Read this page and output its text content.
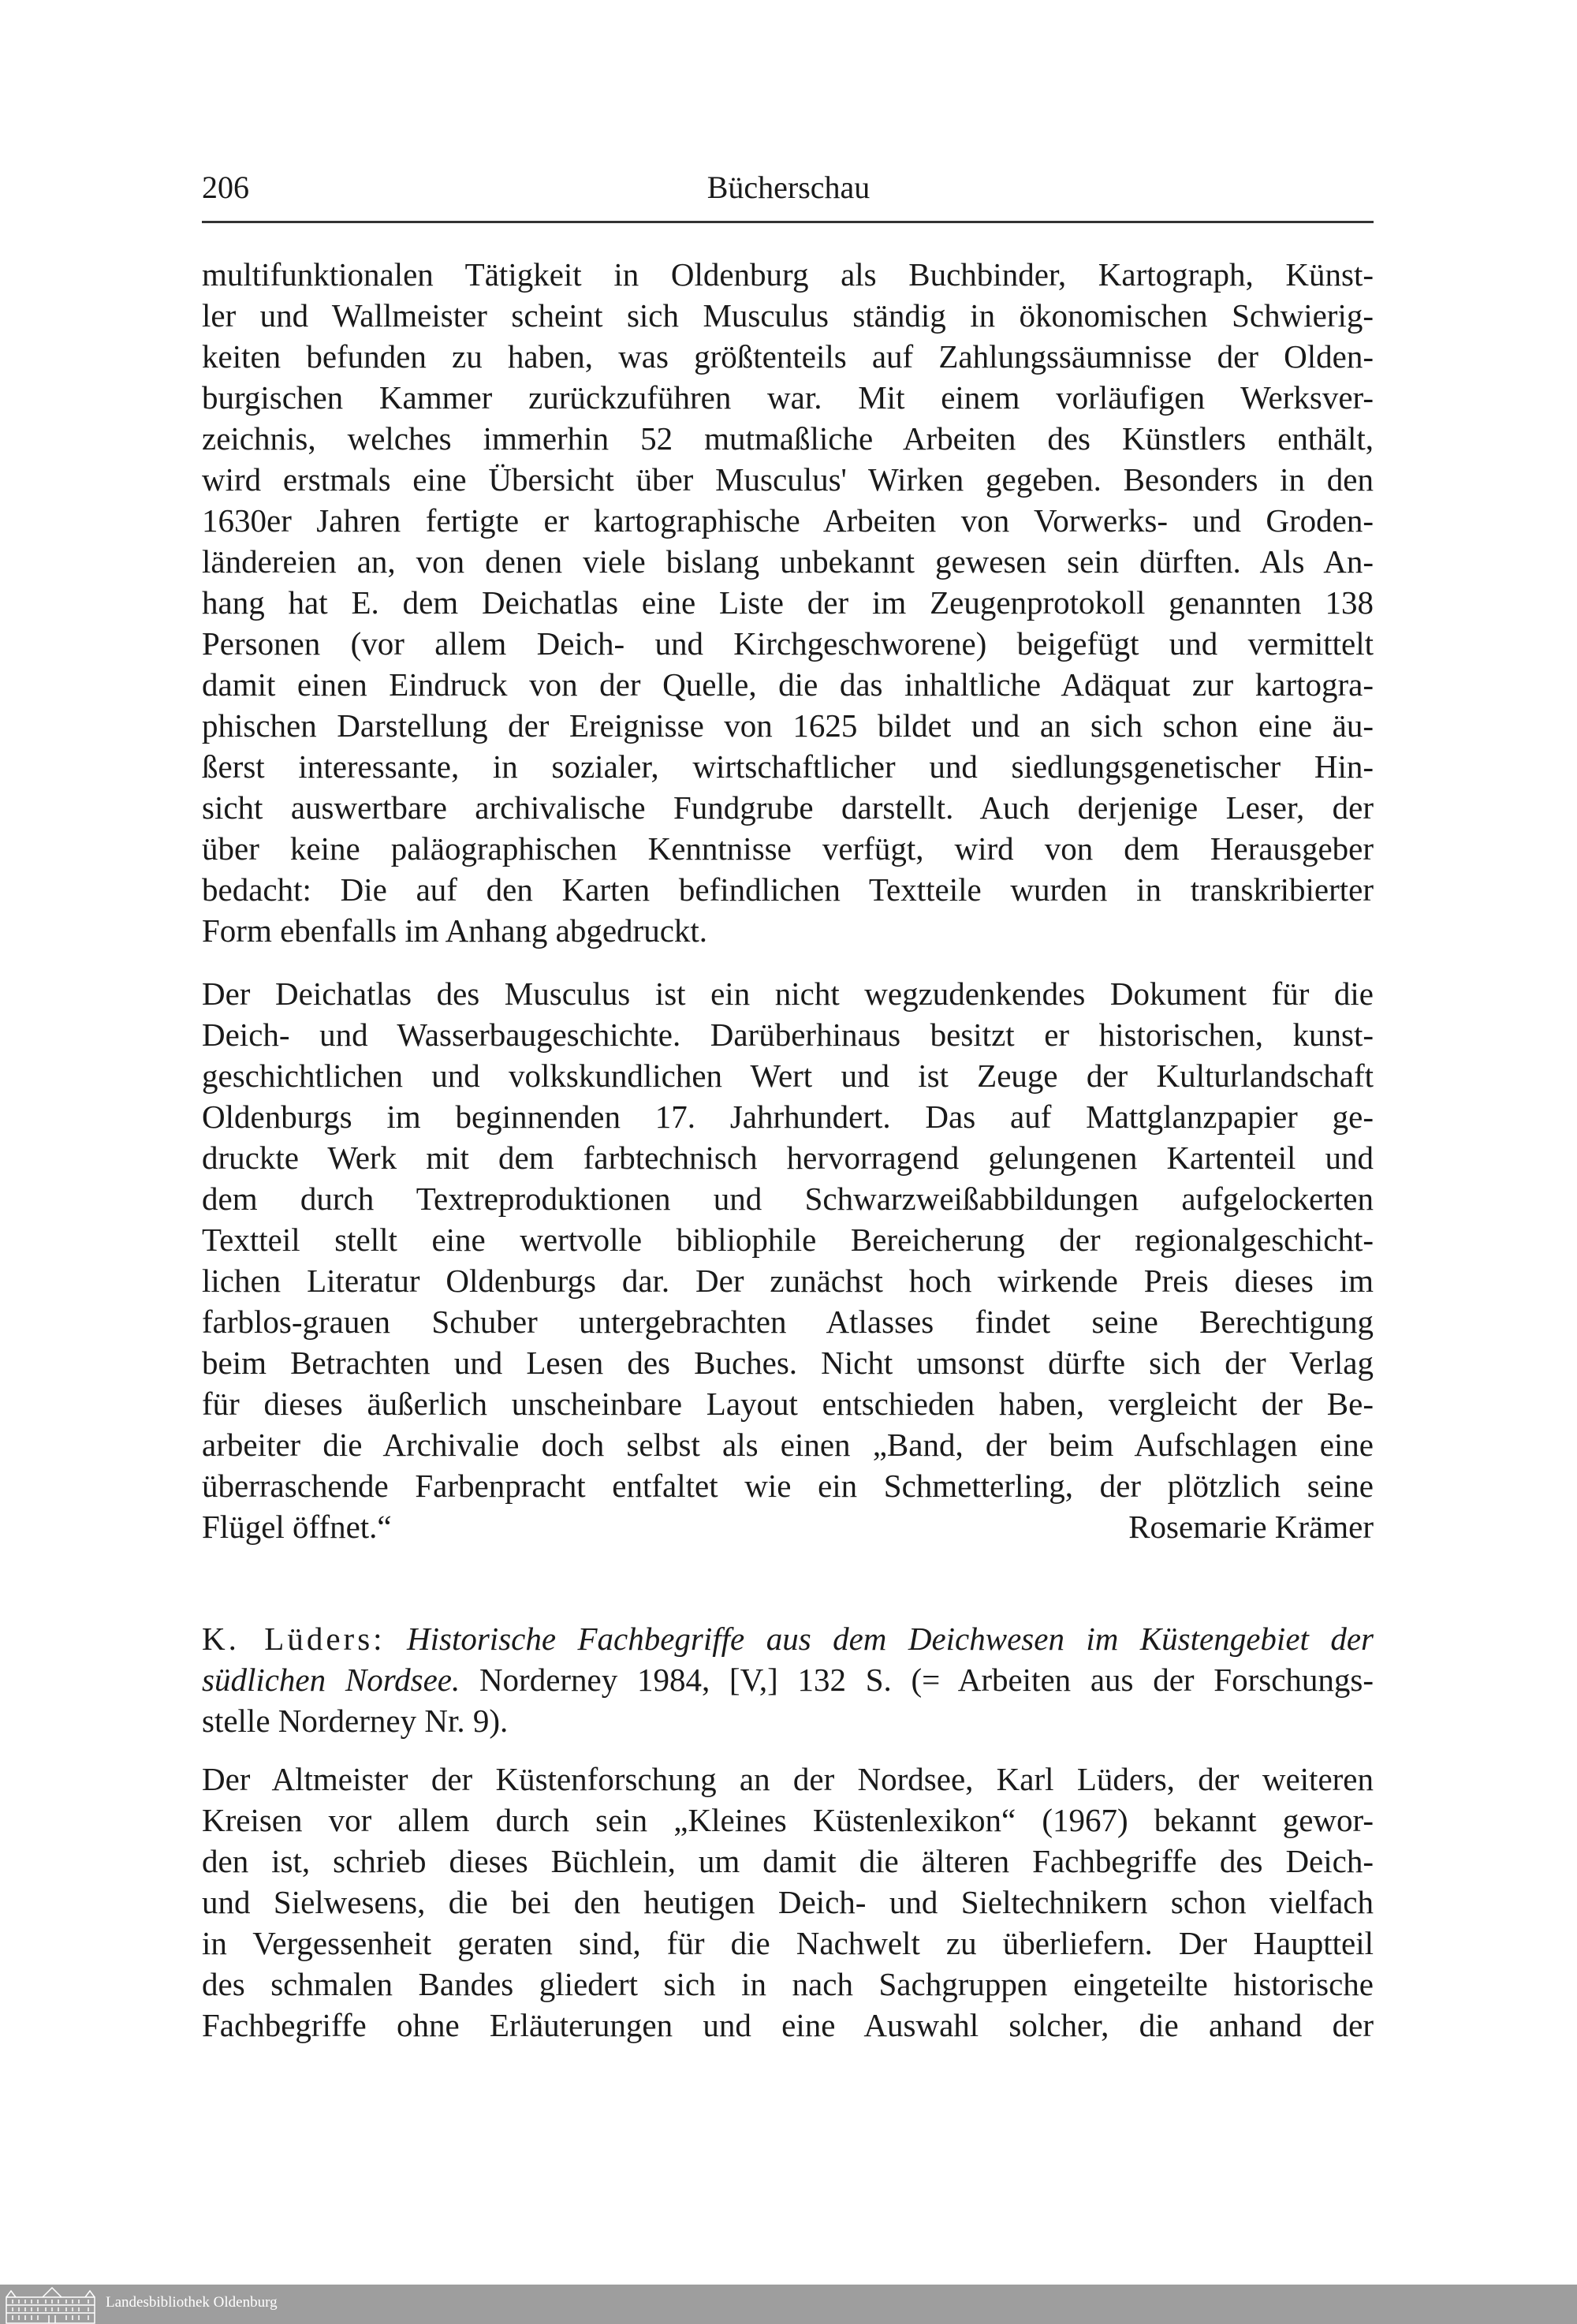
206	Bücherschau
multifunktionalen Tätigkeit in Oldenburg als Buchbinder, Kartograph, Künst-
ler und Wallmeister scheint sich Musculus ständig in ökonomischen Schwierig-
keiten befunden zu haben, was größtenteils auf Zahlungssäumnisse der Olden-
burgischen Kammer zurückzuführen war. Mit einem vorläufigen Werksver-
zeichnis, welches immerhin 52 mutmaßliche Arbeiten des Künstlers enthält,
wird erstmals eine Übersicht über Musculus' Wirken gegeben. Besonders in den
1630er Jahren fertigte er kartographische Arbeiten von Vorwerks- und Groden-
ländereien an, von denen viele bislang unbekannt gewesen sein dürften. Als An-
hang hat E. dem Deichatlas eine Liste der im Zeugenprotokoll genannten 138
Personen (vor allem Deich- und Kirchgeschworene) beigefügt und vermittelt
damit einen Eindruck von der Quelle, die das inhaltliche Adäquat zur kartogra-
phischen Darstellung der Ereignisse von 1625 bildet und an sich schon eine äu-
ßerst interessante, in sozialer, wirtschaftlicher und siedlungsgenetischer Hin-
sicht auswertbare archivalische Fundgrube darstellt. Auch derjenige Leser, der
über keine paläographischen Kenntnisse verfügt, wird von dem Herausgeber
bedacht: Die auf den Karten befindlichen Textteile wurden in transkribierter
Form ebenfalls im Anhang abgedruckt.
Der Deichatlas des Musculus ist ein nicht wegzudenkendes Dokument für die
Deich- und Wasserbaugeschichte. Darüberhinaus besitzt er historischen, kunst-
geschichtlichen und volkskundlichen Wert und ist Zeuge der Kulturlandschaft
Oldenburgs im beginnenden 17. Jahrhundert. Das auf Mattglanzpapier ge-
druckte Werk mit dem farbtechnisch hervorragend gelungenen Kartenteil und
dem durch Textreproduktionen und Schwarzweißabbildungen aufgelockerten
Textteil stellt eine wertvolle bibliophile Bereicherung der regionalgeschicht-
lichen Literatur Oldenburgs dar. Der zunächst hoch wirkende Preis dieses im
farblos-grauen Schuber untergebrachten Atlasses findet seine Berechtigung
beim Betrachten und Lesen des Buches. Nicht umsonst dürfte sich der Verlag
für dieses äußerlich unscheinbare Layout entschieden haben, vergleicht der Be-
arbeiter die Archivalie doch selbst als einen „Band, der beim Aufschlagen eine
überraschende Farbenpracht entfaltet wie ein Schmetterling, der plötzlich seine
Flügel öffnet.“	Rosemarie Krämer
K. Lüders: Historische Fachbegriffe aus dem Deichwesen im Küstengebiet der
südlichen Nordsee. Norderney 1984, [V,] 132 S. (= Arbeiten aus der Forschungs-
stelle Norderney Nr. 9).
Der Altmeister der Küstenforschung an der Nordsee, Karl Lüders, der weiteren
Kreisen vor allem durch sein „Kleines Küstenlexikon“ (1967) bekannt gewor-
den ist, schrieb dieses Büchlein, um damit die älteren Fachbegriffe des Deich-
und Sielwesens, die bei den heutigen Deich- und Sieltechnikern schon vielfach
in Vergessenheit geraten sind, für die Nachwelt zu überliefern. Der Hauptteil
des schmalen Bandes gliedert sich in nach Sachgruppen eingeteilte historische
Fachbegriffe ohne Erläuterungen und eine Auswahl solcher, die anhand der
Landesbibliothek Oldenburg
